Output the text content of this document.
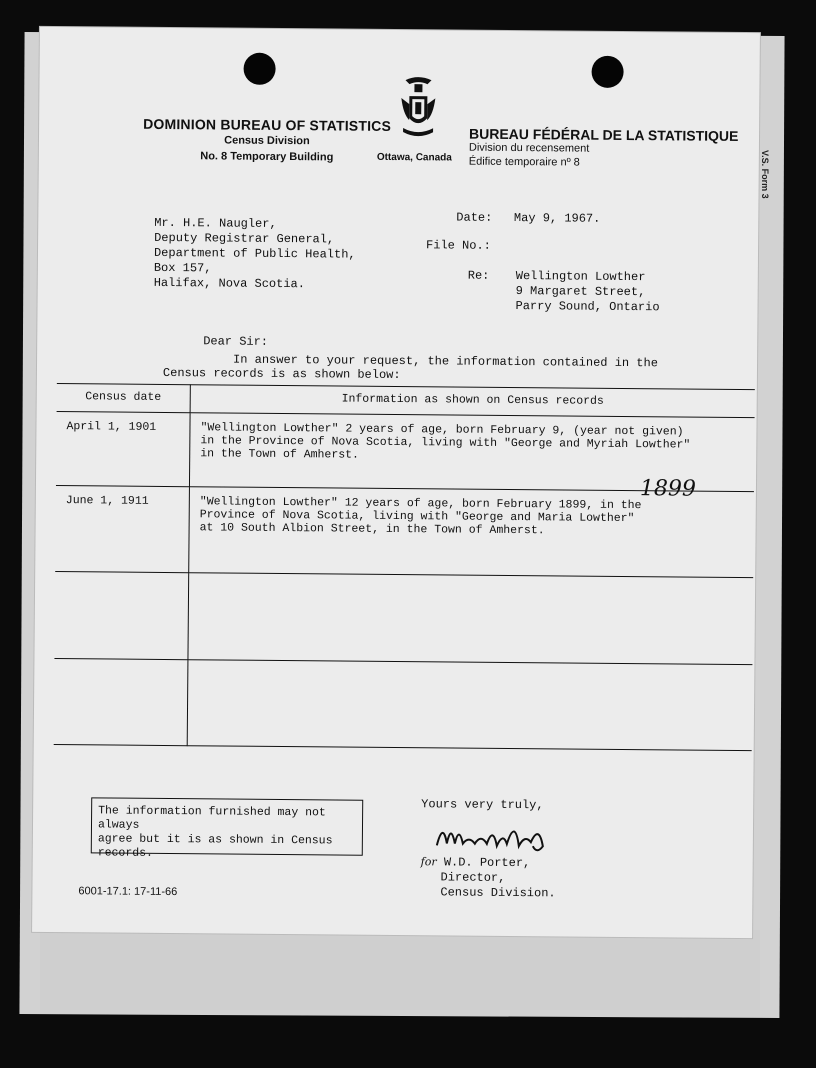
V.S. Form 3
DOMINION BUREAU OF STATISTICS
Census Division
No. 8 Temporary Building	Ottawa, Canada
BUREAU FÉDÉRAL DE LA STATISTIQUE
Division du recensement
Édifice temporaire nº 8
Date: May 9, 1967.
File No.:
Re: Wellington Lowther
9 Margaret Street,
Parry Sound, Ontario
Mr. H.E. Naugler,
Deputy Registrar General,
Department of Public Health,
Box 157,
Halifax, Nova Scotia.
Dear Sir:
In answer to your request, the information contained in the
Census records is as shown below:
Census date	Information as shown on Census records
April 1, 1901	"Wellington Lowther" 2 years of age, born February 9, (year not given)
in the Province of Nova Scotia, living with "George and Myriah Lowther"
in the Town of Amherst.

June 1, 1911	"Wellington Lowther" 12 years of age, born February 1899, in the
Province of Nova Scotia, living with "George and Maria Lowther"
at 10 South Albion Street, in the Town of Amherst.

1899
The information furnished may not always
agree but it is as shown in Census
records.
Yours very truly,
for W.D. Porter,
Director,
Census Division.
6001-17.1: 17-11-66
